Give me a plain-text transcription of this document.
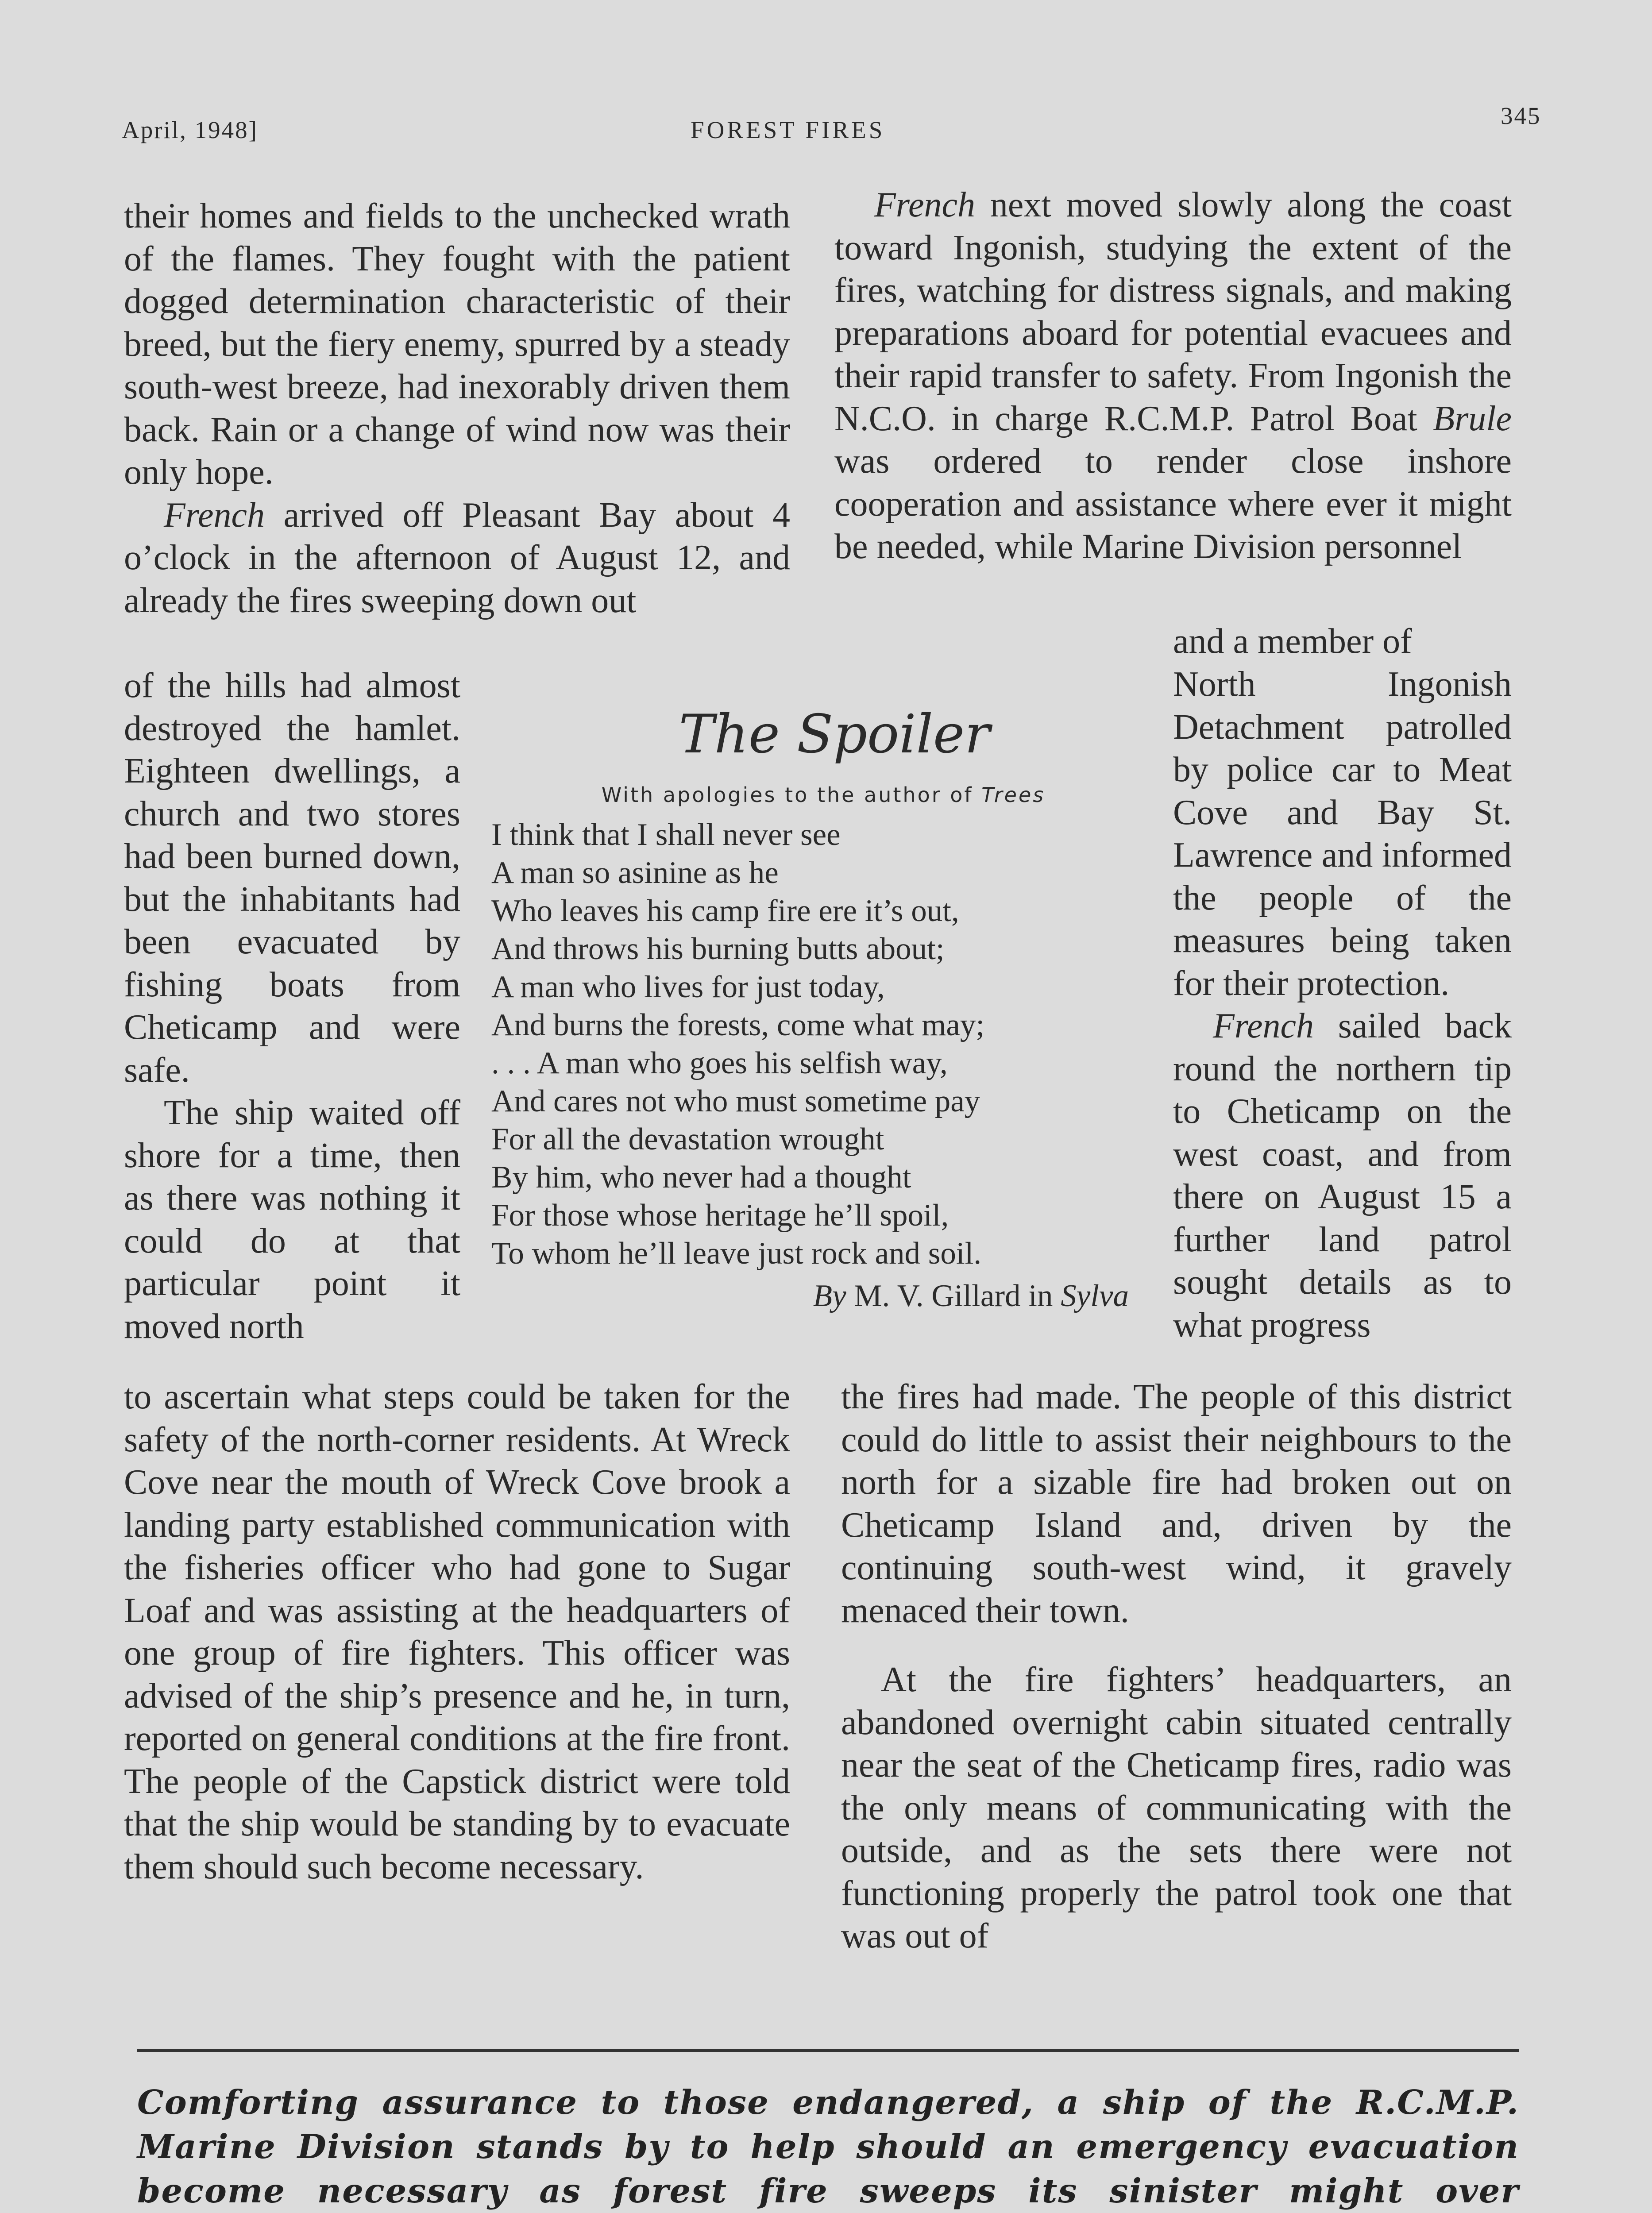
April, 1948]	FOREST FIRES
345

their homes and fields to the unchecked wrath of the flames. They fought with the patient dogged determination characteristic of their breed, but the fiery enemy, spurred by a steady south-west breeze, had inexorably driven them back. Rain or a change of wind now was their only hope.

French arrived off Pleasant Bay about 4 o’clock in the afternoon of August 12, and already the fires sweeping down out

of the hills had almost destroyed the hamlet. Eighteen dwellings, a church and two stores had been burned down, but the inhabitants had been evacuated by fishing boats from Cheticamp and were safe.

The ship waited off shore for a time, then as there was nothing it could do at that particular point it moved north

to ascertain what steps could be taken for the safety of the north-corner residents. At Wreck Cove near the mouth of Wreck Cove brook a landing party established communication with the fisheries officer who had gone to Sugar Loaf and was assisting at the headquarters of one group of fire fighters. This officer was advised of the ship’s presence and he, in turn, reported on general conditions at the fire front. The people of the Capstick district were told that the ship would be standing by to evacuate them should such become necessary.

French next moved slowly along the coast toward Ingonish, studying the extent of the fires, watching for distress signals, and making preparations aboard for potential evacuees and their rapid transfer to safety. From Ingonish the N.C.O. in charge R.C.M.P. Patrol Boat Brule was ordered to render close inshore cooperation and assistance where ever it might be needed, while Marine Division personnel

and a member of

North Ingonish Detachment patrolled by police car to Meat Cove and Bay St. Lawrence and informed the people of the measures being taken for their protection.

French sailed back round the northern tip to Cheticamp on the west coast, and from there on August 15 a further land patrol sought details as to what progress

the fires had made. The people of this district could do little to assist their neighbours to the north for a sizable fire had broken out on Cheticamp Island and, driven by the continuing south-west wind, it gravely menaced their town.

At the fire fighters’ headquarters, an abandoned overnight cabin situated centrally near the seat of the Cheticamp fires, radio was the only means of communicating with the outside, and as the sets there were not functioning properly the patrol took one that was out of

The Spoiler
With apologies to the author of Trees
I think that I shall never see
A man so asinine as he
Who leaves his camp fire ere it’s out,
And throws his burning butts about;
A man who lives for just today,
And burns the forests, come what may;
. . . A man who goes his selfish way,
And cares not who must sometime pay
For all the devastation wrought
By him, who never had a thought
For those whose heritage he’ll spoil,
To whom he’ll leave just rock and soil.
By M. V. Gillard in Sylva
Comforting assurance to those endangered, a ship of the R.C.M.P. Marine Division stands by to help should an emergency evacuation become necessary as forest fire sweeps its sinister might over
